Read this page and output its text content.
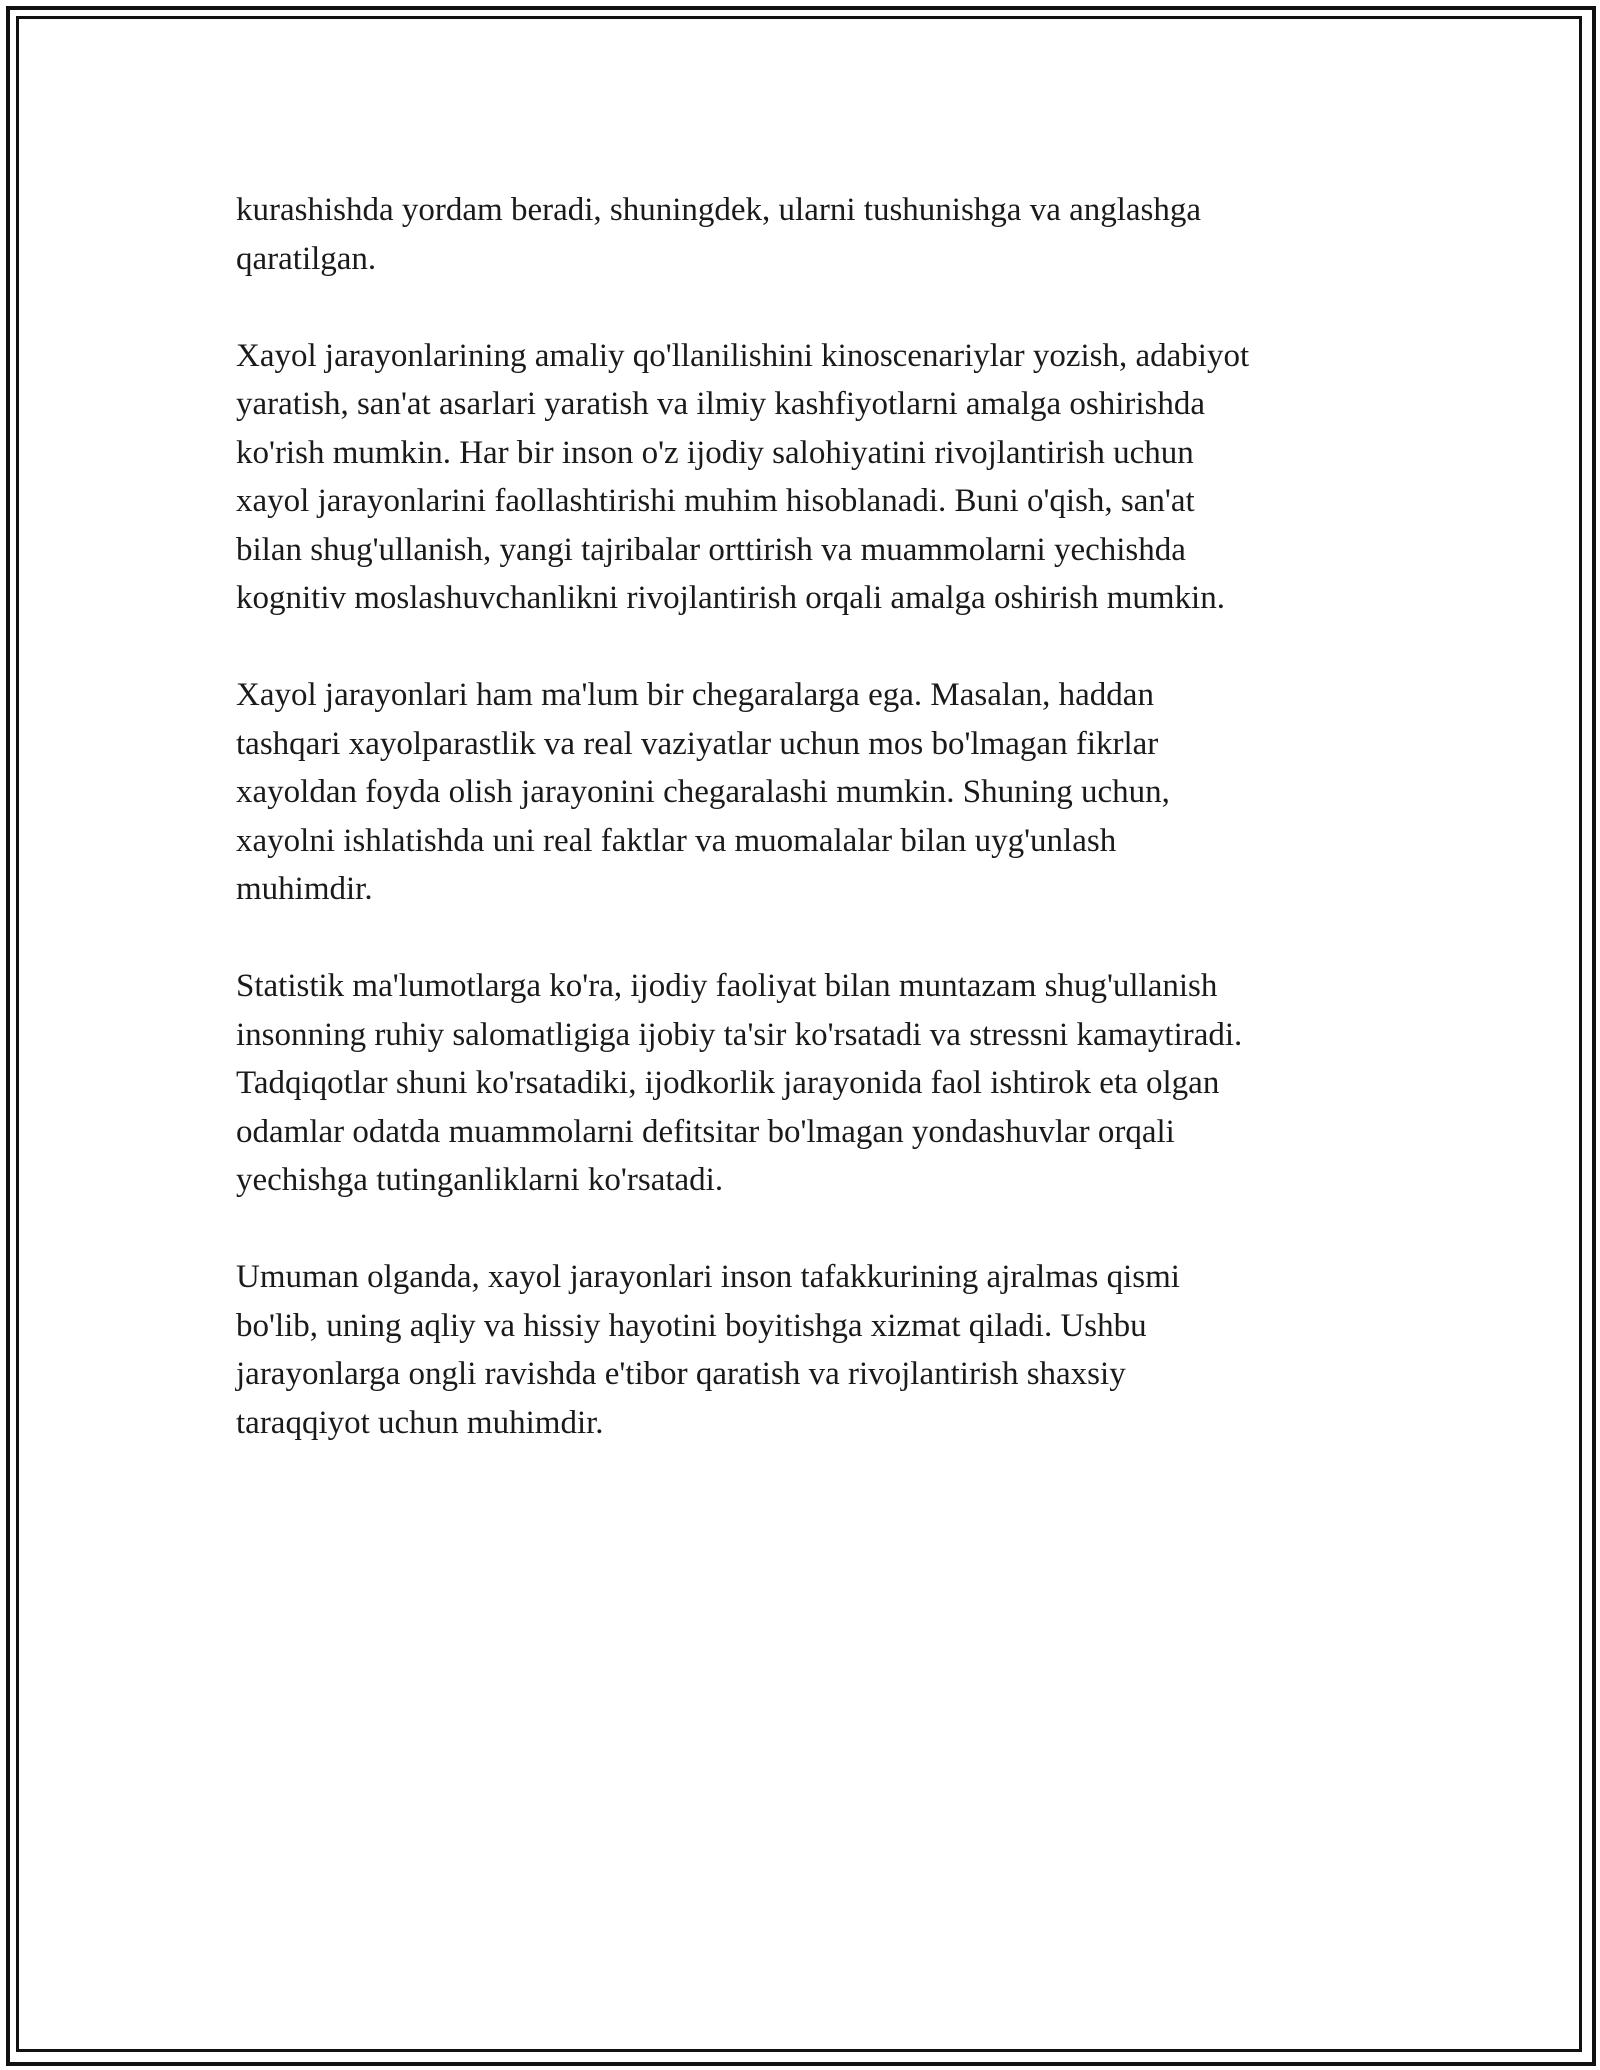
kurashishda yordam beradi, shuningdek, ularni tushunishga va anglashga
qaratilgan.

Xayol jarayonlarining amaliy qo'llanilishini kinoscenariylar yozish, adabiyot
yaratish, san'at asarlari yaratish va ilmiy kashfiyotlarni amalga oshirishda
ko'rish mumkin. Har bir inson o'z ijodiy salohiyatini rivojlantirish uchun
xayol jarayonlarini faollashtirishi muhim hisoblanadi. Buni o'qish, san'at
bilan shug'ullanish, yangi tajribalar orttirish va muammolarni yechishda
kognitiv moslashuvchanlikni rivojlantirish orqali amalga oshirish mumkin.

Xayol jarayonlari ham ma'lum bir chegaralarga ega. Masalan, haddan
tashqari xayolparastlik va real vaziyatlar uchun mos bo'lmagan fikrlar
xayoldan foyda olish jarayonini chegaralashi mumkin. Shuning uchun,
xayolni ishlatishda uni real faktlar va muomalalar bilan uyg'unlash
muhimdir.

Statistik ma'lumotlarga ko'ra, ijodiy faoliyat bilan muntazam shug'ullanish
insonning ruhiy salomatligiga ijobiy ta'sir ko'rsatadi va stressni kamaytiradi.
Tadqiqotlar shuni ko'rsatadiki, ijodkorlik jarayonida faol ishtirok eta olgan
odamlar odatda muammolarni defitsitar bo'lmagan yondashuvlar orqali
yechishga tutinganliklarni ko'rsatadi.

Umuman olganda, xayol jarayonlari inson tafakkurining ajralmas qismi
bo'lib, uning aqliy va hissiy hayotini boyitishga xizmat qiladi. Ushbu
jarayonlarga ongli ravishda e'tibor qaratish va rivojlantirish shaxsiy
taraqqiyot uchun muhimdir.
